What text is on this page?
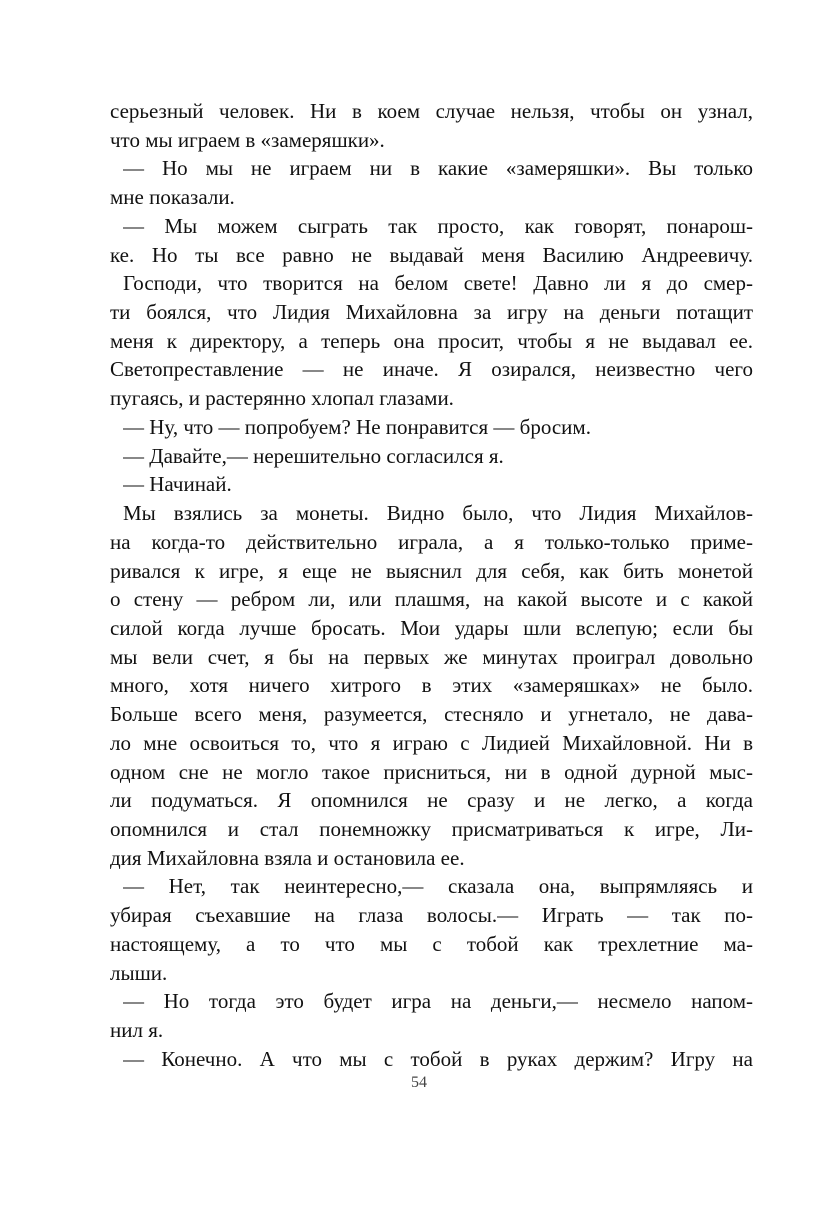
серьезный человек. Ни в коем случае нельзя, чтобы он узнал,
что мы играем в «замеряшки».
— Но мы не играем ни в какие «замеряшки». Вы только
мне показали.
— Мы можем сыграть так просто, как говорят, понарош-
ке. Но ты все равно не выдавай меня Василию Андреевичу.
Господи, что творится на белом свете! Давно ли я до смер-
ти боялся, что Лидия Михайловна за игру на деньги потащит
меня к директору, а теперь она просит, чтобы я не выдавал ее.
Светопреставление — не иначе. Я озирался, неизвестно чего
пугаясь, и растерянно хлопал глазами.
— Ну, что — попробуем? Не понравится — бросим.
— Давайте,— нерешительно согласился я.
— Начинай.
Мы взялись за монеты. Видно было, что Лидия Михайлов-
на когда-то действительно играла, а я только-только приме-
ривался к игре, я еще не выяснил для себя, как бить монетой
о стену — ребром ли, или плашмя, на какой высоте и с какой
силой когда лучше бросать. Мои удары шли вслепую; если бы
мы вели счет, я бы на первых же минутах проиграл довольно
много, хотя ничего хитрого в этих «замеряшках» не было.
Больше всего меня, разумеется, стесняло и угнетало, не дава-
ло мне освоиться то, что я играю с Лидией Михайловной. Ни в
одном сне не могло такое присниться, ни в одной дурной мыс-
ли подуматься. Я опомнился не сразу и не легко, а когда
опомнился и стал понемножку присматриваться к игре, Ли-
дия Михайловна взяла и остановила ее.
— Нет, так неинтересно,— сказала она, выпрямляясь и
убирая съехавшие на глаза волосы.— Играть — так по-
настоящему, а то что мы с тобой как трехлетние ма-
лыши.
— Но тогда это будет игра на деньги,— несмело напом-
нил я.
— Конечно. А что мы с тобой в руках держим? Игру на
54
